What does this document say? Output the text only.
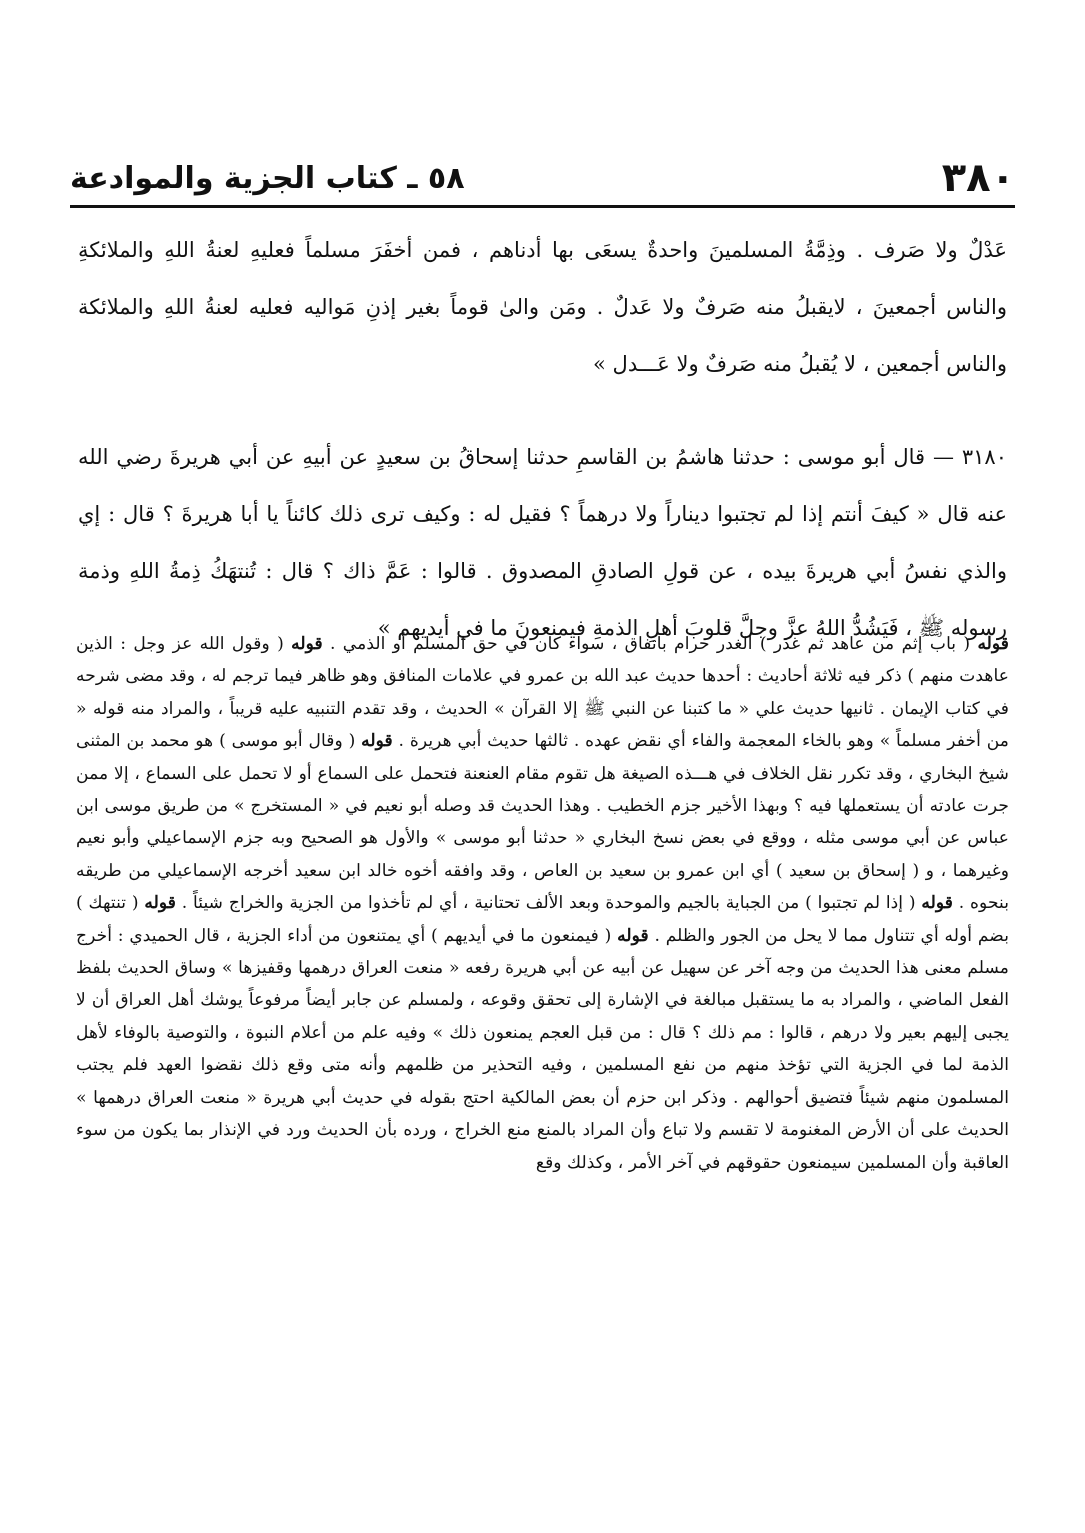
٣٨٠
٥٨ ـ كتاب الجزية والموادعة

عَدْلٌ ولا صَرف . وذِمَّةُ المسلمينَ واحدةٌ يسعَى بها أدناهم ، فمن أخفَرَ مسلماً فعليهِ لعنةُ اللهِ والملائكةِ والناس أجمعينَ ، لايقبلُ منه صَرفٌ ولا عَدلٌ . ومَن والىٰ قوماً بغير إذنِ مَواليه فعليه لعنةُ اللهِ والملائكة والناس أجمعين ، لا يُقبلُ منه صَرفٌ ولا عَـــدل »

٣١٨٠ — قال أبو موسى : حدثنا هاشمُ بن القاسمِ حدثنا إسحاقُ بن سعيدٍ عن أبيهِ عن أبي هريرةَ رضي الله عنه قال « كيفَ أنتم إذا لم تجتبوا ديناراً ولا درهماً ؟ فقيل له : وكيف ترى ذلك كائناً يا أبا هريرةَ ؟ قال : إي والذي نفسُ أبي هريرةَ بيده ، عن قولِ الصادقِ المصدوق . قالوا : عَمَّ ذاك ؟ قال : تُنتهَكُ ذِمةُ اللهِ وذمة رسوله ﷺ ، فَيَشُدُّ اللهُ عزَّ وجلَّ قلوبَ أهلِ الذمةِ فيمنعونَ ما في أيديهم »

قوله ( باب إثم من عاهد ثم غدر ) الغدر حرام باتفاق ، سواء كان في حق المسلم أو الذمي . قوله ( وقول الله عز وجل : الذين عاهدت منهم ) ذكر فيه ثلاثة أحاديث : أحدها حديث عبد الله بن عمرو في علامات المنافق وهو ظاهر فيما ترجم له ، وقد مضى شرحه في كتاب الإيمان . ثانيها حديث علي « ما كتبنا عن النبي ﷺ إلا القرآن » الحديث ، وقد تقدم التنبيه عليه قريباً ، والمراد منه قوله « من أخفر مسلماً » وهو بالخاء المعجمة والفاء أي نقض عهده . ثالثها حديث أبي هريرة . قوله ( وقال أبو موسى ) هو محمد بن المثنى شيخ البخاري ، وقد تكرر نقل الخلاف في هـــذه الصيغة هل تقوم مقام العنعنة فتحمل على السماع أو لا تحمل على السماع ، إلا ممن جرت عادته أن يستعملها فيه ؟ وبهذا الأخير جزم الخطيب . وهذا الحديث قد وصله أبو نعيم في « المستخرج » من طريق موسى ابن عباس عن أبي موسى مثله ، ووقع في بعض نسخ البخاري « حدثنا أبو موسى » والأول هو الصحيح وبه جزم الإسماعيلي وأبو نعيم وغيرهما ، و ( إسحاق بن سعيد ) أي ابن عمرو بن سعيد بن العاص ، وقد وافقه أخوه خالد ابن سعيد أخرجه الإسماعيلي من طريقه بنحوه . قوله ( إذا لم تجتبوا ) من الجباية بالجيم والموحدة وبعد الألف تحتانية ، أي لم تأخذوا من الجزية والخراج شيئاً . قوله ( تنتهك ) بضم أوله أي تتناول مما لا يحل من الجور والظلم . قوله ( فيمنعون ما في أيديهم ) أي يمتنعون من أداء الجزية ، قال الحميدي : أخرج مسلم معنى هذا الحديث من وجه آخر عن سهيل عن أبيه عن أبي هريرة رفعه « منعت العراق درهمها وقفيزها » وساق الحديث بلفظ الفعل الماضي ، والمراد به ما يستقبل مبالغة في الإشارة إلى تحقق وقوعه ، ولمسلم عن جابر أيضاً مرفوعاً يوشك أهل العراق أن لا يجبى إليهم بعير ولا درهم ، قالوا : مم ذلك ؟ قال : من قبل العجم يمنعون ذلك » وفيه علم من أعلام النبوة ، والتوصية بالوفاء لأهل الذمة لما في الجزية التي تؤخذ منهم من نفع المسلمين ، وفيه التحذير من ظلمهم وأنه متى وقع ذلك نقضوا العهد فلم يجتب المسلمون منهم شيئاً فتضيق أحوالهم . وذكر ابن حزم أن بعض المالكية احتج بقوله في حديث أبي هريرة « منعت العراق درهمها » الحديث على أن الأرض المغنومة لا تقسم ولا تباع وأن المراد بالمنع منع الخراج ، ورده بأن الحديث ورد في الإنذار بما يكون من سوء العاقبة وأن المسلمين سيمنعون حقوقهم في آخر الأمر ، وكذلك وقع
